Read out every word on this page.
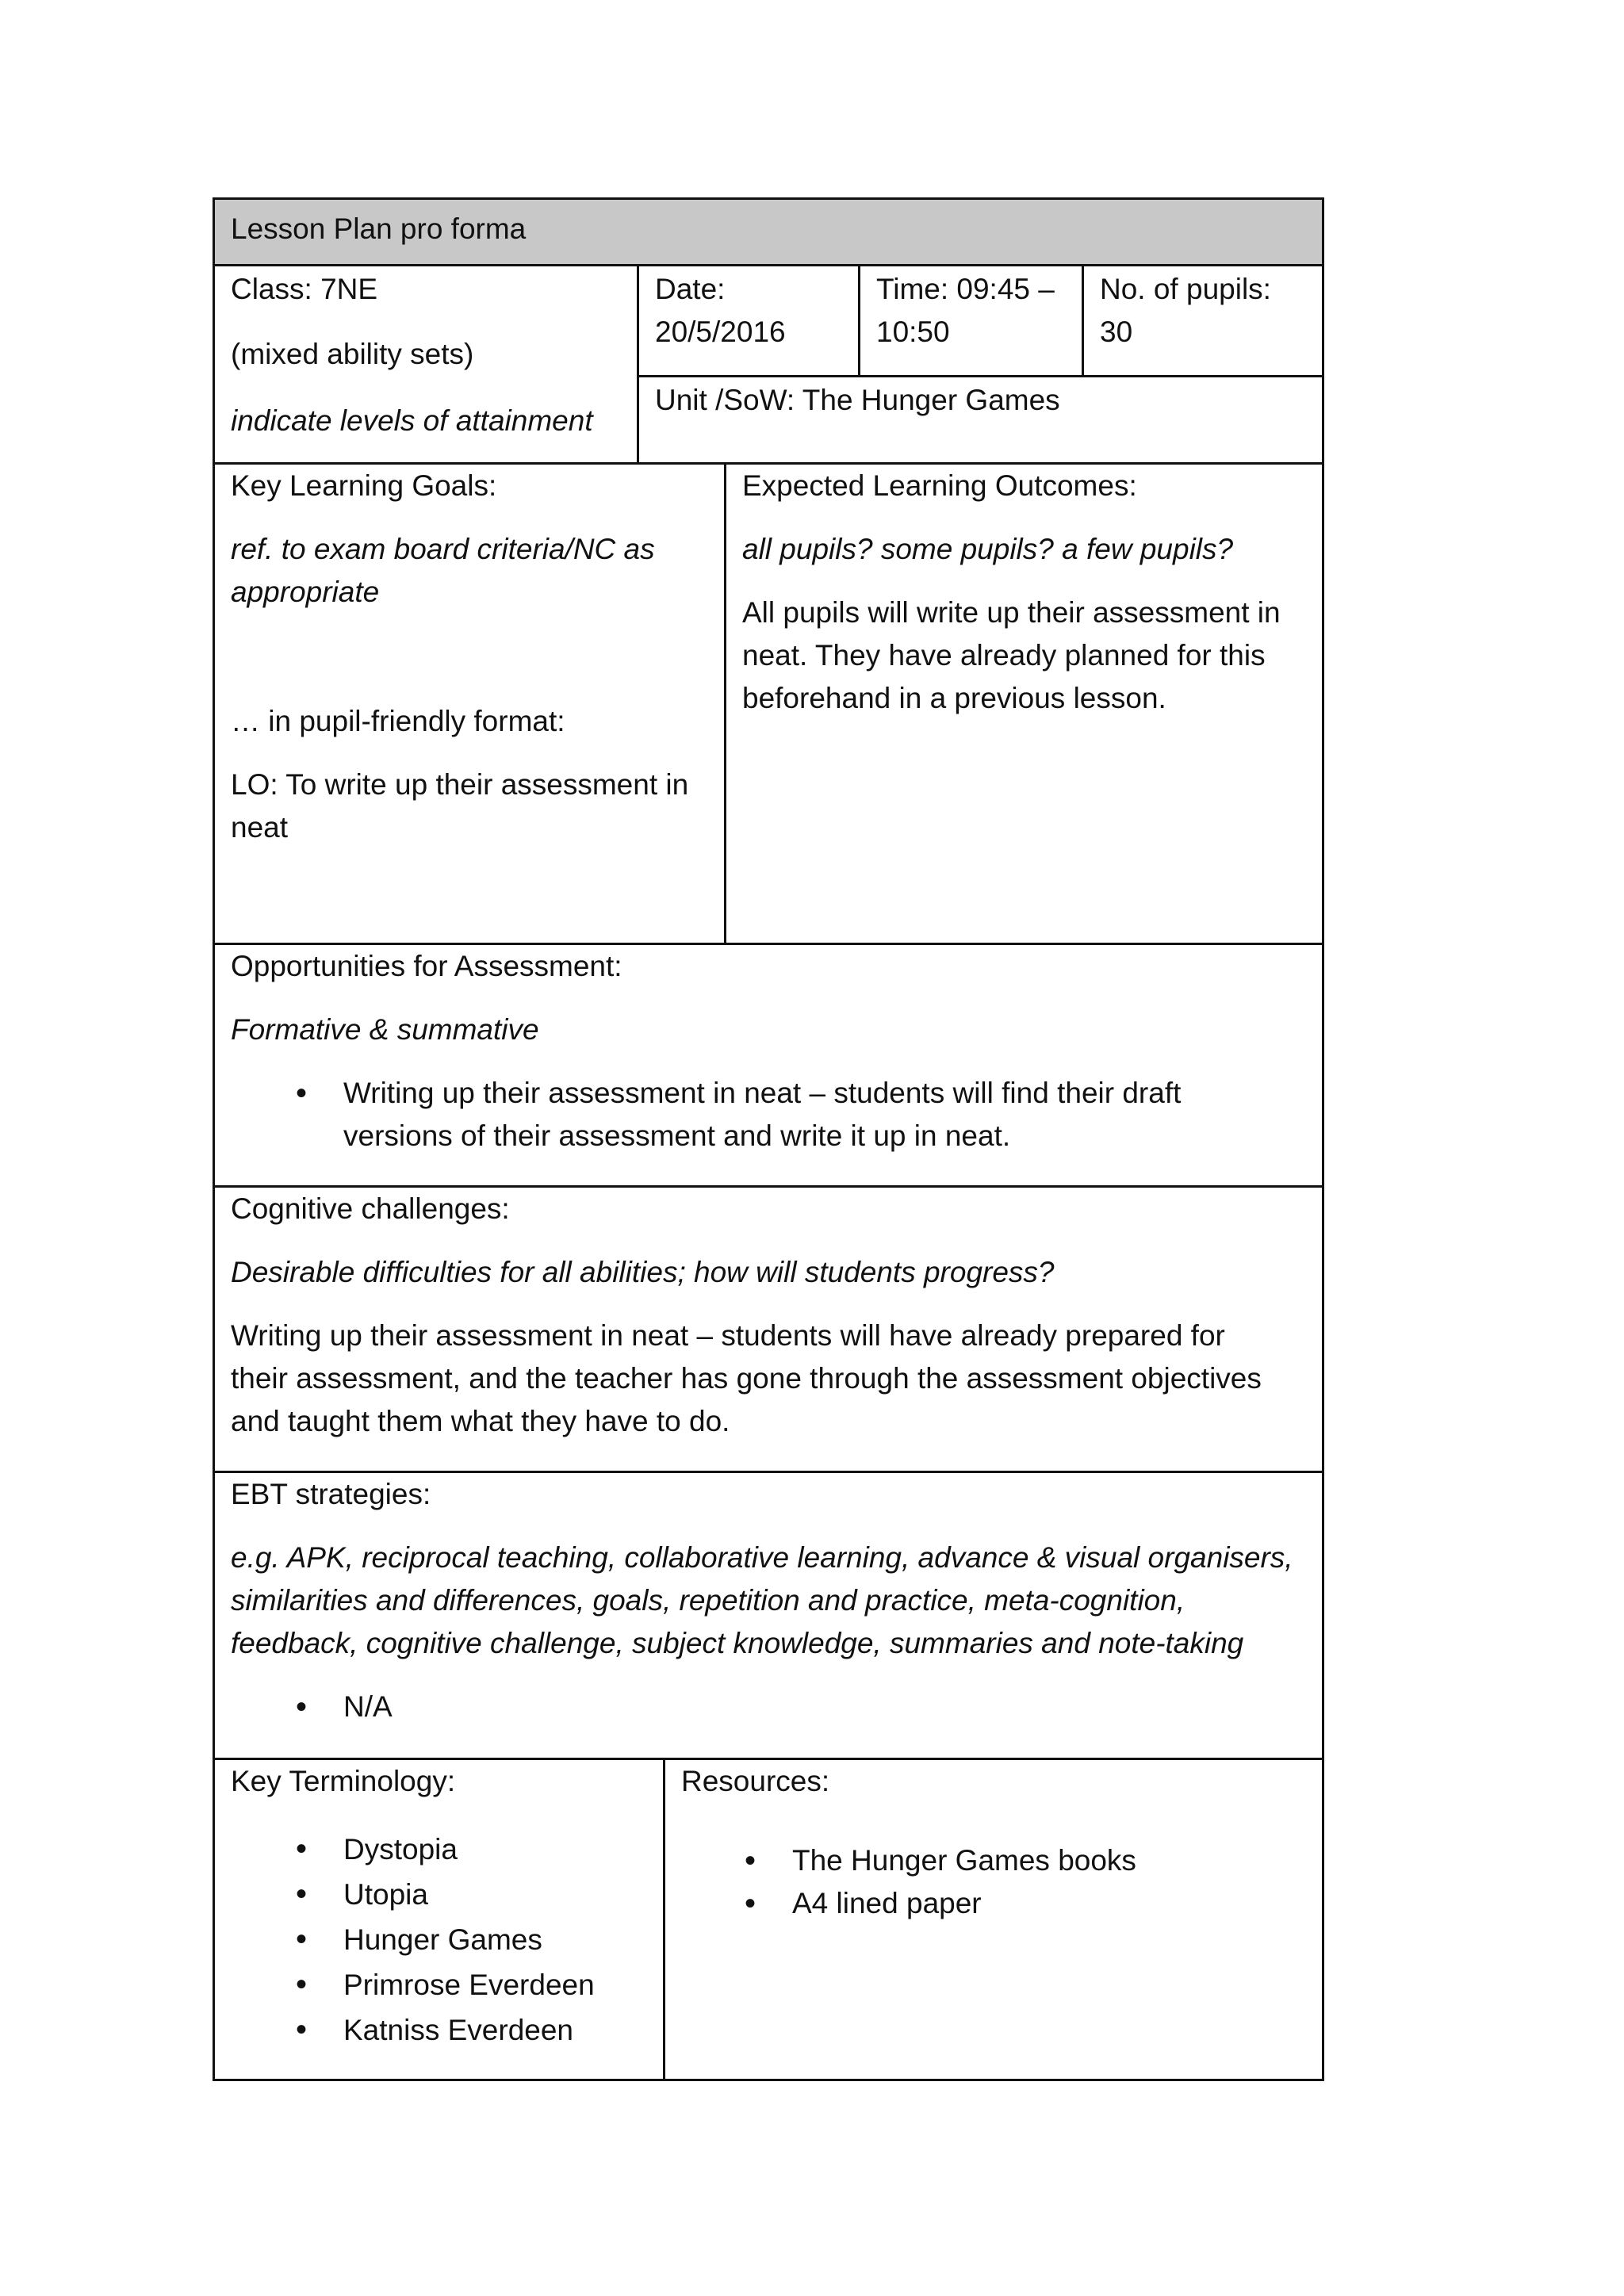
Lesson Plan pro forma

Class: 7NE

(mixed ability sets)

indicate levels of attainment

Date:

20/5/2016

Time: 09:45 –

10:50

No. of pupils:

30

Unit /SoW: The Hunger Games

Key Learning Goals:

ref. to exam board criteria/NC as

appropriate

… in pupil-friendly format:

LO: To write up their assessment in

neat

Expected Learning Outcomes:

all pupils? some pupils? a few pupils?

All pupils will write up their assessment in

neat. They have already planned for this

beforehand in a previous lesson.

Opportunities for Assessment:

Formative & summative

• Writing up their assessment in neat – students will find their draft
versions of their assessment and write it up in neat.

Cognitive challenges:

Desirable difficulties for all abilities; how will students progress?

Writing up their assessment in neat – students will have already prepared for

their assessment, and the teacher has gone through the assessment objectives

and taught them what they have to do.

EBT strategies:

e.g. APK, reciprocal teaching, collaborative learning, advance & visual organisers,

similarities and differences, goals, repetition and practice, meta-cognition,

feedback, cognitive challenge, subject knowledge, summaries and note-taking

• N/A

Key Terminology:

• Dystopia
• Utopia
• Hunger Games
• Primrose Everdeen
• Katniss Everdeen

Resources:

• The Hunger Games books
• A4 lined paper
